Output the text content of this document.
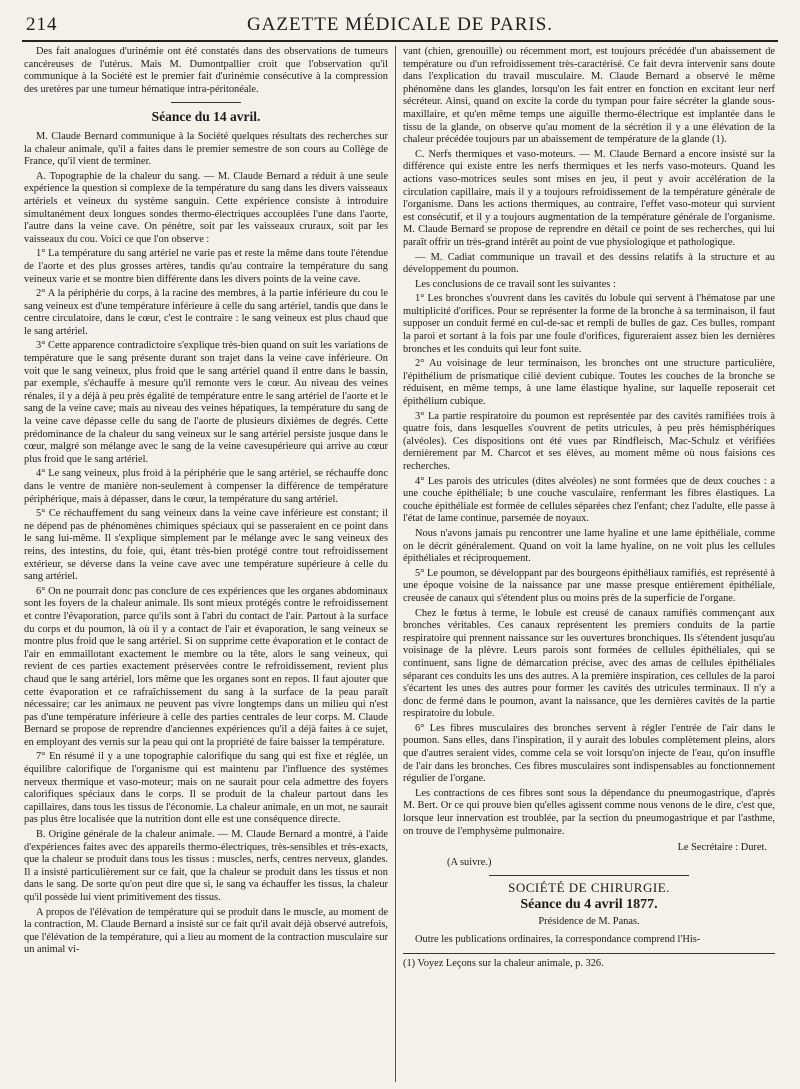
214	GAZETTE MÉDICALE DE PARIS.

Des fait analogues d'urinémie ont été constatés dans des observations de tumeurs cancéreuses de l'utérus. Mais M. Dumontpallier croit que l'observation qu'il communique à la Société est le premier fait d'urinémie consécutive à la compression des uretères par une tumeur hématique intra-péritonéale.

Séance du 14 avril.

M. Claude Bernard communique à la Société quelques résultats des recherches sur la chaleur animale, qu'il a faites dans le premier semestre de son cours au Collège de France, qu'il vient de terminer.

A. Topographie de la chaleur du sang. — M. Claude Bernard a réduit à une seule expérience la question si complexe de la température du sang dans les divers vaisseaux artériels et veineux du système sanguin. Cette expérience consiste à introduire simultanément deux longues sondes thermo-électriques accouplées l'une dans l'aorte, l'autre dans la veine cave. On pénètre, soit par les vaisseaux cruraux, soit par les vaisseaux du cou. Voici ce que l'on observe :

1° La température du sang artériel ne varie pas et reste la même dans toute l'étendue de l'aorte et des plus grosses artères, tandis qu'au contraire la température du sang veineux varie et se montre bien différente dans les divers points de la veine cave.

2° A la périphérie du corps, à la racine des membres, à la partie inférieure du cou le sang veineux est d'une température inférieure à celle du sang artériel, tandis que dans le centre circulatoire, dans le cœur, c'est le contraire : le sang veineux est plus chaud que le sang artériel.

3° Cette apparence contradictoire s'explique très-bien quand on suit les variations de température que le sang présente durant son trajet dans la veine cave inférieure. On voit que le sang veineux, plus froid que le sang artériel quand il entre dans le bassin, par exemple, s'échauffe à mesure qu'il remonte vers le cœur. Au niveau des veines rénales, il y a déjà à peu près égalité de température entre le sang artériel de l'aorte et le sang de la veine cave; mais au niveau des veines hépatiques, la température du sang de la veine cave dépasse celle du sang de l'aorte de plusieurs dixièmes de degrés. Cette prédominance de la chaleur du sang veineux sur le sang artériel persiste jusque dans le cœur, malgré son mélange avec le sang de la veine cavesupérieure qui arrive au cœur plus froid que le sang artériel.

4° Le sang veineux, plus froid à la périphérie que le sang artériel, se réchauffe donc dans le ventre de manière non-seulement à compenser la différence de température périphérique, mais à dépasser, dans le cœur, la température du sang artériel.

5° Ce réchauffement du sang veineux dans la veine cave inférieure est constant; il ne dépend pas de phénomènes chimiques spéciaux qui se passeraient en ce point dans le sang lui-même. Il s'explique simplement par le mélange avec le sang veineux des reins, des intestins, du foie, qui, étant très-bien protégé contre tout refroidissement extérieur, se déverse dans la veine cave avec une température supérieure à celle du sang artériel.

6° On ne pourrait donc pas conclure de ces expériences que les organes abdominaux sont les foyers de la chaleur animale. Ils sont mieux protégés contre le refroidissement et contre l'évaporation, parce qu'ils sont à l'abri du contact de l'air. Partout à la surface du corps et du poumon, là où il y a contact de l'air et évaporation, le sang veineux se montre plus froid que le sang artériel. Si on supprime cette évaporation et le contact de l'air en emmaillotant exactement le membre ou la tête, alors le sang veineux, qui revient de ces parties exactement préservées contre le refroidissement, revient plus chaud que le sang artériel, lors même que les organes sont en repos. Il faut ajouter que cette évaporation et ce rafraîchissement du sang à la surface de la peau paraît nécessaire; car les animaux ne peuvent pas vivre longtemps dans un milieu qui n'est pas d'une température inférieure à celle des parties centrales de leur corps. M. Claude Bernard se propose de reprendre d'anciennes expériences qu'il a déjà faites à ce sujet, en employant des vernis sur la peau qui ont la propriété de faire baisser la température.

7° En résumé il y a une topographie calorifique du sang qui est fixe et réglée, un équilibre calorifique de l'organisme qui est maintenu par l'influence des systèmes nerveux thermique et vaso-moteur; mais on ne saurait pour cela admettre des foyers calorifiques spéciaux dans le corps. Il se produit de la chaleur partout dans les capillaires, dans tous les tissus de l'économie. La chaleur animale, en un mot, ne saurait pas plus être localisée que la nutrition dont elle est une conséquence directe.

B. Origine générale de la chaleur animale. — M. Claude Bernard a montré, à l'aide d'expériences faites avec des appareils thermo-électriques, très-sensibles et très-exacts, que la chaleur se produit dans tous les tissus : muscles, nerfs, centres nerveux, glandes. Il a insisté particulièrement sur ce fait, que la chaleur se produit dans les tissus et non dans le sang. De sorte qu'on peut dire que si, le sang va échauffer les tissus, la chaleur qu'il possède lui vient primitivement des tissus.

A propos de l'élévation de température qui se produit dans le muscle, au moment de la contraction, M. Claude Bernard a insisté sur ce fait qu'il avait déjà observé autrefois, que l'élévation de la température, qui a lieu au moment de la contraction musculaire sur un animal vi-

vant (chien, grenouille) ou récemment mort, est toujours précédée d'un abaissement de température ou d'un refroidissement très-caractérisé. Ce fait devra intervenir sans doute dans l'explication du travail musculaire. M. Claude Bernard a observé le même phénomène dans les glandes, lorsqu'on les fait entrer en fonction en excitant leur nerf sécréteur. Ainsi, quand on excite la corde du tympan pour faire sécréter la glande sous-maxillaire, et qu'en même temps une aiguille thermo-électrique est implantée dans le tissu de la glande, on observe qu'au moment de la sécrétion il y a une élévation de la chaleur précédée toujours par un abaissement de température de la glande (1).

C. Nerfs thermiques et vaso-moteurs. — M. Claude Bernard a encore insisté sur la différence qui existe entre les nerfs thermiques et les nerfs vaso-moteurs. Quand les actions vaso-motrices seules sont mises en jeu, il peut y avoir accélération de la circulation capillaire, mais il y a toujours refroidissement de la température générale de l'organisme. Dans les actions thermiques, au contraire, l'effet vaso-moteur qui survient est consécutif, et il y a toujours augmentation de la température générale de l'organisme. M. Claude Bernard se propose de reprendre en détail ce point de ses recherches, qui lui paraît offrir un très-grand intérêt au point de vue physiologique et pathologique.

— M. Cadiat communique un travail et des dessins relatifs à la structure et au développement du poumon.

Les conclusions de ce travail sont les suivantes :

1° Les bronches s'ouvrent dans les cavités du lobule qui servent à l'hématose par une multiplicité d'orifices. Pour se représenter la forme de la bronche à sa terminaison, il faut supposer un conduit fermé en cul-de-sac et rempli de bulles de gaz. Ces bulles, rompant la paroi et sortant à la fois par une foule d'orifices, figureraient assez bien les dernières bronches et les conduits qui leur font suite.

2° Au voisinage de leur terminaison, les bronches ont une structure particulière, l'épithélium de prismatique cilié devient cubique. Toutes les couches de la bronche se réduisent, en même temps, à une lame élastique hyaline, sur laquelle reposerait cet épithélium cubique.

3° La partie respiratoire du poumon est représentée par des cavités ramifiées trois à quatre fois, dans lesquelles s'ouvrent de petits utricules, à peu près hémisphériques (alvéoles). Ces dispositions ont été vues par Rindfleisch, Mac-Schulz et vérifiées dernièrement par M. Charcot et ses élèves, au moment même où nous faisions ces recherches.

4° Les parois des utricules (dites alvéoles) ne sont formées que de deux couches : a une couche épithéliale; b une couche vasculaire, renfermant les fibres élastiques. La couche épithéliale est formée de cellules séparées chez l'enfant; chez l'adulte, elle passe à l'état de lame continue, parsemée de noyaux.

Nous n'avons jamais pu rencontrer une lame hyaline et une lame épithéliale, comme on le décrit généralement. Quand on voit la lame hyaline, on ne voit plus les cellules épithéliales et réciproquement.

5° Le poumon, se développant par des bourgeons épithéliaux ramifiés, est représenté à une époque voisine de la naissance par une masse presque entièrement épithéliale, creusée de canaux qui s'étendent plus ou moins près de la superficie de l'organe.

Chez le fœtus à terme, le lobule est creusé de canaux ramifiés commençant aux bronches véritables. Ces canaux représentent les premiers conduits de la partie respiratoire qui prennent naissance sur les ouvertures bronchiques. Ils s'étendent jusqu'au voisinage de la plèvre. Leurs parois sont formées de cellules épithéliales, qui se continuent, sans ligne de démarcation précise, avec des amas de cellules épithéliales séparant ces conduits les uns des autres. A la première inspiration, ces cellules de la paroi s'écartent les unes des autres pour former les cavités des utricules terminaux. Il n'y a donc de fermé dans le poumon, avant la naissance, que les dernières cavités de la partie respiratoire du lobule.

6° Les fibres musculaires des bronches servent à régler l'entrée de l'air dans le poumon. Sans elles, dans l'inspiration, il y aurait des lobules complètement pleins, alors que d'autres seraient vides, comme cela se voit lorsqu'on injecte de l'eau, qu'on insuffle de l'air dans les bronches. Ces fibres musculaires sont indispensables au fonctionnement régulier de l'organe.

Les contractions de ces fibres sont sous la dépendance du pneumogastrique, d'après M. Bert. Or ce qui prouve bien qu'elles agissent comme nous venons de le dire, c'est que, lorsque leur innervation est troublée, par la section du pneumogastrique et par l'asthme, on trouve de l'emphysème pulmonaire.

Le Secrétaire : Duret.
(A suivre.)
SOCIÉTÉ DE CHIRURGIE.
Séance du 4 avril 1877.
Présidence de M. Panas.

Outre les publications ordinaires, la correspondance comprend l'His-

(1) Voyez Leçons sur la chaleur animale, p. 326.
